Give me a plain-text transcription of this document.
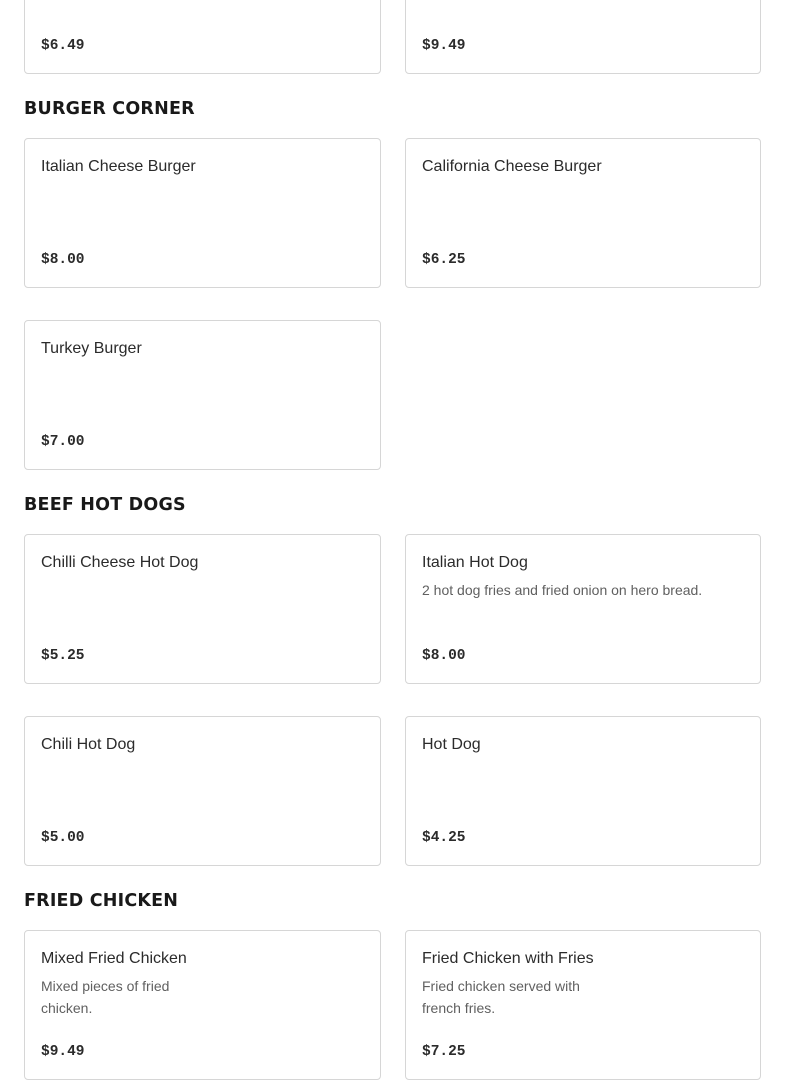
$6.49	$9.49
BURGER CORNER
Italian Cheese Burger
$8.00
California Cheese Burger
$6.25
Turkey Burger
$7.00
BEEF HOT DOGS
Chilli Cheese Hot Dog
$5.25
Italian Hot Dog
2 hot dog fries and fried onion on hero bread.
$8.00
Chili Hot Dog
$5.00
Hot Dog
$4.25
FRIED CHICKEN
Mixed Fried Chicken
Mixed pieces of fried chicken.
$9.49
Fried Chicken with Fries
Fried chicken served with french fries.
$7.25
